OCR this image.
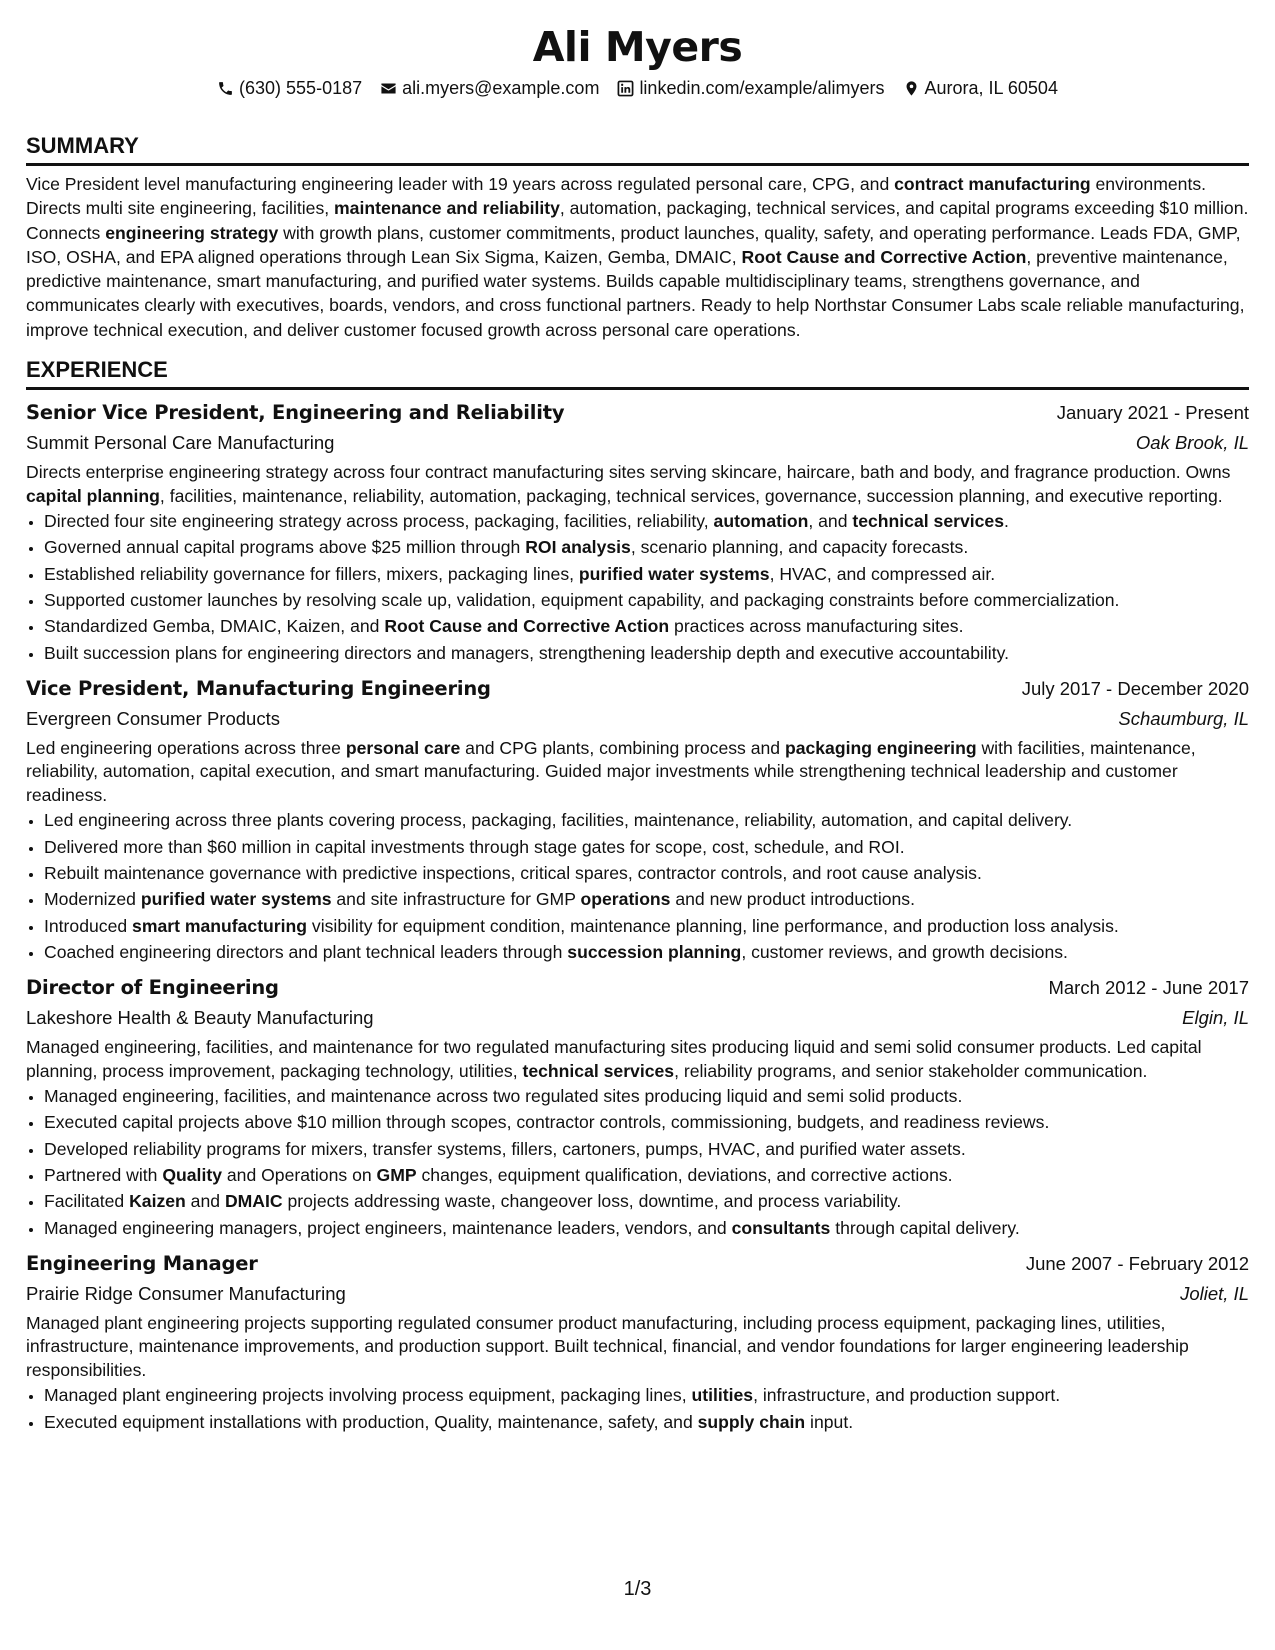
Ali Myers
(630) 555-0187 ali.myers@example.com linkedin.com/example/alimyers Aurora, IL 60504
SUMMARY
Vice President level manufacturing engineering leader with 19 years across regulated personal care, CPG, and contract manufacturing environments. Directs multi site engineering, facilities, maintenance and reliability, automation, packaging, technical services, and capital programs exceeding $10 million. Connects engineering strategy with growth plans, customer commitments, product launches, quality, safety, and operating performance. Leads FDA, GMP, ISO, OSHA, and EPA aligned operations through Lean Six Sigma, Kaizen, Gemba, DMAIC, Root Cause and Corrective Action, preventive maintenance, predictive maintenance, smart manufacturing, and purified water systems. Builds capable multidisciplinary teams, strengthens governance, and communicates clearly with executives, boards, vendors, and cross functional partners. Ready to help Northstar Consumer Labs scale reliable manufacturing, improve technical execution, and deliver customer focused growth across personal care operations.
EXPERIENCE
Senior Vice President, Engineering and Reliability	January 2021 - Present
Summit Personal Care Manufacturing	Oak Brook, IL
Directs enterprise engineering strategy across four contract manufacturing sites serving skincare, haircare, bath and body, and fragrance production. Owns capital planning, facilities, maintenance, reliability, automation, packaging, technical services, governance, succession planning, and executive reporting.
• Directed four site engineering strategy across process, packaging, facilities, reliability, automation, and technical services.
• Governed annual capital programs above $25 million through ROI analysis, scenario planning, and capacity forecasts.
• Established reliability governance for fillers, mixers, packaging lines, purified water systems, HVAC, and compressed air.
• Supported customer launches by resolving scale up, validation, equipment capability, and packaging constraints before commercialization.
• Standardized Gemba, DMAIC, Kaizen, and Root Cause and Corrective Action practices across manufacturing sites.
• Built succession plans for engineering directors and managers, strengthening leadership depth and executive accountability.
Vice President, Manufacturing Engineering	July 2017 - December 2020
Evergreen Consumer Products	Schaumburg, IL
Led engineering operations across three personal care and CPG plants, combining process and packaging engineering with facilities, maintenance, reliability, automation, capital execution, and smart manufacturing. Guided major investments while strengthening technical leadership and customer readiness.
• Led engineering across three plants covering process, packaging, facilities, maintenance, reliability, automation, and capital delivery.
• Delivered more than $60 million in capital investments through stage gates for scope, cost, schedule, and ROI.
• Rebuilt maintenance governance with predictive inspections, critical spares, contractor controls, and root cause analysis.
• Modernized purified water systems and site infrastructure for GMP operations and new product introductions.
• Introduced smart manufacturing visibility for equipment condition, maintenance planning, line performance, and production loss analysis.
• Coached engineering directors and plant technical leaders through succession planning, customer reviews, and growth decisions.
Director of Engineering	March 2012 - June 2017
Lakeshore Health & Beauty Manufacturing	Elgin, IL
Managed engineering, facilities, and maintenance for two regulated manufacturing sites producing liquid and semi solid consumer products. Led capital planning, process improvement, packaging technology, utilities, technical services, reliability programs, and senior stakeholder communication.
• Managed engineering, facilities, and maintenance across two regulated sites producing liquid and semi solid products.
• Executed capital projects above $10 million through scopes, contractor controls, commissioning, budgets, and readiness reviews.
• Developed reliability programs for mixers, transfer systems, fillers, cartoners, pumps, HVAC, and purified water assets.
• Partnered with Quality and Operations on GMP changes, equipment qualification, deviations, and corrective actions.
• Facilitated Kaizen and DMAIC projects addressing waste, changeover loss, downtime, and process variability.
• Managed engineering managers, project engineers, maintenance leaders, vendors, and consultants through capital delivery.
Engineering Manager	June 2007 - February 2012
Prairie Ridge Consumer Manufacturing	Joliet, IL
Managed plant engineering projects supporting regulated consumer product manufacturing, including process equipment, packaging lines, utilities, infrastructure, maintenance improvements, and production support. Built technical, financial, and vendor foundations for larger engineering leadership responsibilities.
• Managed plant engineering projects involving process equipment, packaging lines, utilities, infrastructure, and production support.
• Executed equipment installations with production, Quality, maintenance, safety, and supply chain input.
1/3
